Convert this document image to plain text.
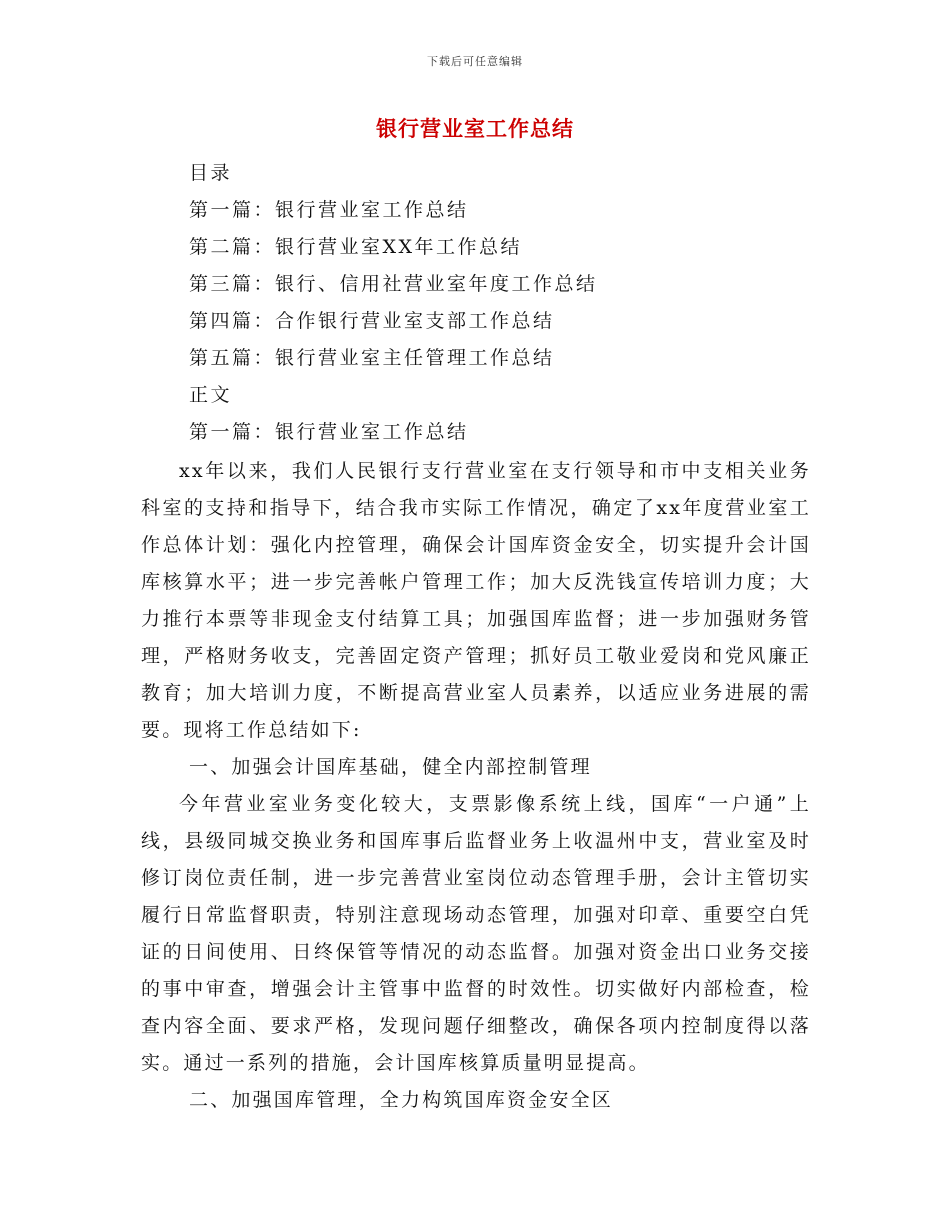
下载后可任意编辑
银行营业室工作总结
目录
第一篇：银行营业室工作总结
第二篇：银行营业室XX年工作总结
第三篇：银行、信用社营业室年度工作总结
第四篇：合作银行营业室支部工作总结
第五篇：银行营业室主任管理工作总结
正文
第一篇：银行营业室工作总结

xx年以来，我们人民银行支行营业室在支行领导和市中支相关业务科室的支持和指导下，结合我市实际工作情况，确定了xx年度营业室工作总体计划：强化内控管理，确保会计国库资金安全，切实提升会计国库核算水平；进一步完善帐户管理工作；加大反洗钱宣传培训力度；大力推行本票等非现金支付结算工具；加强国库监督；进一步加强财务管理，严格财务收支，完善固定资产管理；抓好员工敬业爱岗和党风廉正教育；加大培训力度，不断提高营业室人员素养，以适应业务进展的需要。现将工作总结如下:

一、加强会计国库基础，健全内部控制管理

今年营业室业务变化较大，支票影像系统上线，国库“一户通”上线，县级同城交换业务和国库事后监督业务上收温州中支，营业室及时修订岗位责任制，进一步完善营业室岗位动态管理手册，会计主管切实履行日常监督职责，特别注意现场动态管理，加强对印章、重要空白凭证的日间使用、日终保管等情况的动态监督。加强对资金出口业务交接的事中审查，增强会计主管事中监督的时效性。切实做好内部检查，检查内容全面、要求严格，发现问题仔细整改，确保各项内控制度得以落实。通过一系列的措施，会计国库核算质量明显提高。

二、加强国库管理，全力构筑国库资金安全区
